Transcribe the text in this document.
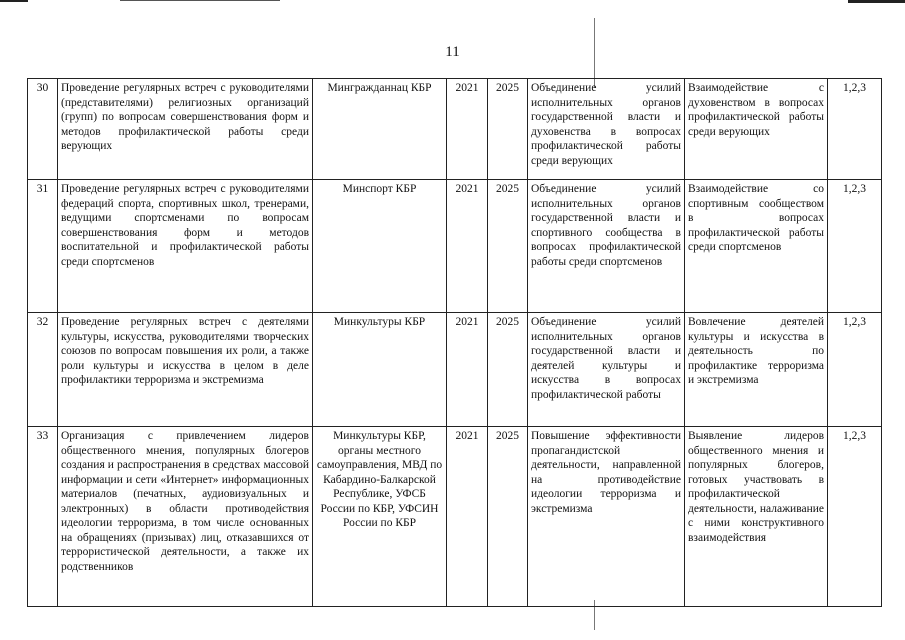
11
30	Проведение регулярных встреч с руководителями (представителями) религиозных организаций (групп) по вопросам совершенствования форм и методов профилактической работы среди верующих	Мингражданнац КБР	2021	2025	Объединение усилий исполнительных органов государственной власти и духовенства в вопросах профилактической работы среди верующих	Взаимодействие с духовенством в вопросах профилактической работы среди верующих	1,2,3
31	Проведение регулярных встреч с руководителями федераций спорта, спортивных школ, тренерами, ведущими спортсменами по вопросам совершенствования форм и методов воспитательной и профилактической работы среди спортсменов	Минспорт КБР	2021	2025	Объединение усилий исполнительных органов государственной власти и спортивного сообщества в вопросах профилактической работы среди спортсменов	Взаимодействие со спортивным сообществом в вопросах профилактической работы среди спортсменов	1,2,3
32	Проведение регулярных встреч с деятелями культуры, искусства, руководителями творческих союзов по вопросам повышения их роли, а также роли культуры и искусства в целом в деле профилактики терроризма и экстремизма	Минкультуры КБР	2021	2025	Объединение усилий исполнительных органов государственной власти и деятелей культуры и искусства в вопросах профилактической работы	Вовлечение деятелей культуры и искусства в деятельность по профилактике терроризма и экстремизма	1,2,3
33	Организация с привлечением лидеров общественного мнения, популярных блогеров создания и распространения в средствах массовой информации и сети «Интернет» информационных материалов (печатных, аудиовизуальных и электронных) в области противодействия идеологии терроризма, в том числе основанных на обращениях (призывах) лиц, отказавшихся от террористической деятельности, а также их родственников	Минкультуры КБР, органы местного самоуправления, МВД по Кабардино-Балкарской Республике, УФСБ России по КБР, УФСИН России по КБР	2021	2025	Повышение эффективности пропагандистской деятельности, направленной на противодействие идеологии терроризма и экстремизма	Выявление лидеров общественного мнения и популярных блогеров, готовых участвовать в профилактической деятельности, налаживание с ними конструктивного взаимодействия	1,2,3
